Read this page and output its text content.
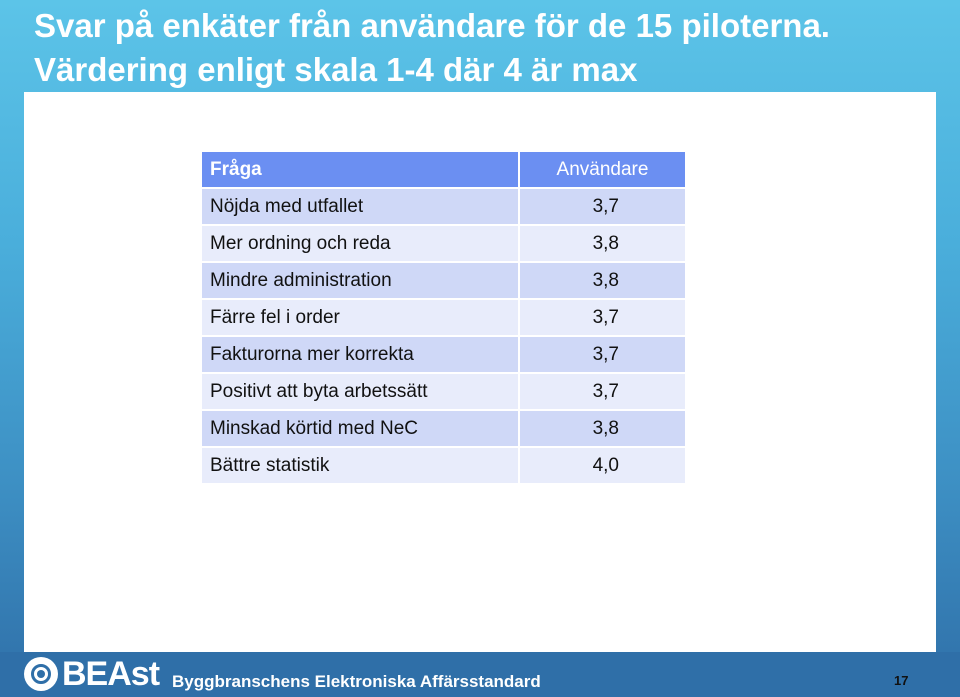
Svar på enkäter från användare för de 15 piloterna. Värdering enligt skala 1-4 där 4 är max
Fråga	Användare
Nöjda med utfallet	3,7
Mer ordning och reda	3,8
Mindre administration	3,8
Färre fel i order	3,7
Fakturorna mer korrekta	3,7
Positivt att byta arbetssätt	3,7
Minskad körtid med NeC	3,8
Bättre statistik	4,0
BEAst Byggbranschens Elektroniska Affärsstandard	17
